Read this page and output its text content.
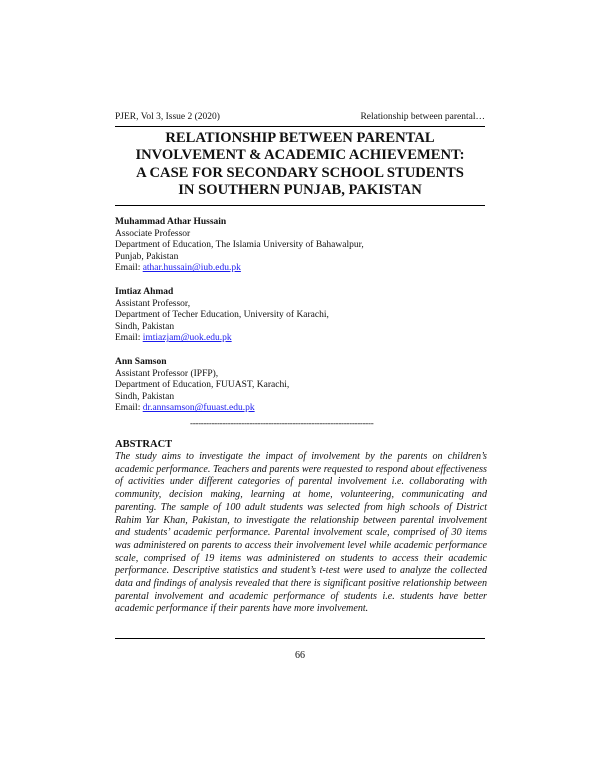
PJER, Vol 3, Issue 2 (2020)	Relationship between parental…
RELATIONSHIP BETWEEN PARENTAL
INVOLVEMENT & ACADEMIC ACHIEVEMENT:
A CASE FOR SECONDARY SCHOOL STUDENTS
IN SOUTHERN PUNJAB, PAKISTAN
Muhammad Athar Hussain
Associate Professor
Department of Education, The Islamia University of Bahawalpur,
Punjab, Pakistan
Email: athar.hussain@iub.edu.pk
Imtiaz Ahmad
Assistant Professor,
Department of Techer Education, University of Karachi,
Sindh, Pakistan
Email: imtiazjam@uok.edu.pk
Ann Samson
Assistant Professor (IPFP),
Department of Education, FUUAST, Karachi,
Sindh, Pakistan
Email: dr.annsamson@fuuast.edu.pk
--------------------------------------------------------------------
ABSTRACT

The study aims to investigate the impact of involvement by the parents on children’s academic performance. Teachers and parents were requested to respond about effectiveness of activities under different categories of parental involvement i.e. collaborating with community, decision making, learning at home, volunteering, communicating and parenting. The sample of 100 adult students was selected from high schools of District Rahim Yar Khan, Pakistan, to investigate the relationship between parental involvement and students’ academic performance. Parental involvement scale, comprised of 30 items was administered on parents to access their involvement level while academic performance scale, comprised of 19 items was administered on students to access their academic performance. Descriptive statistics and student’s t-test were used to analyze the collected data and findings of analysis revealed that there is significant positive relationship between parental involvement and academic performance of students i.e. students have better academic performance if their parents have more involvement.

66
